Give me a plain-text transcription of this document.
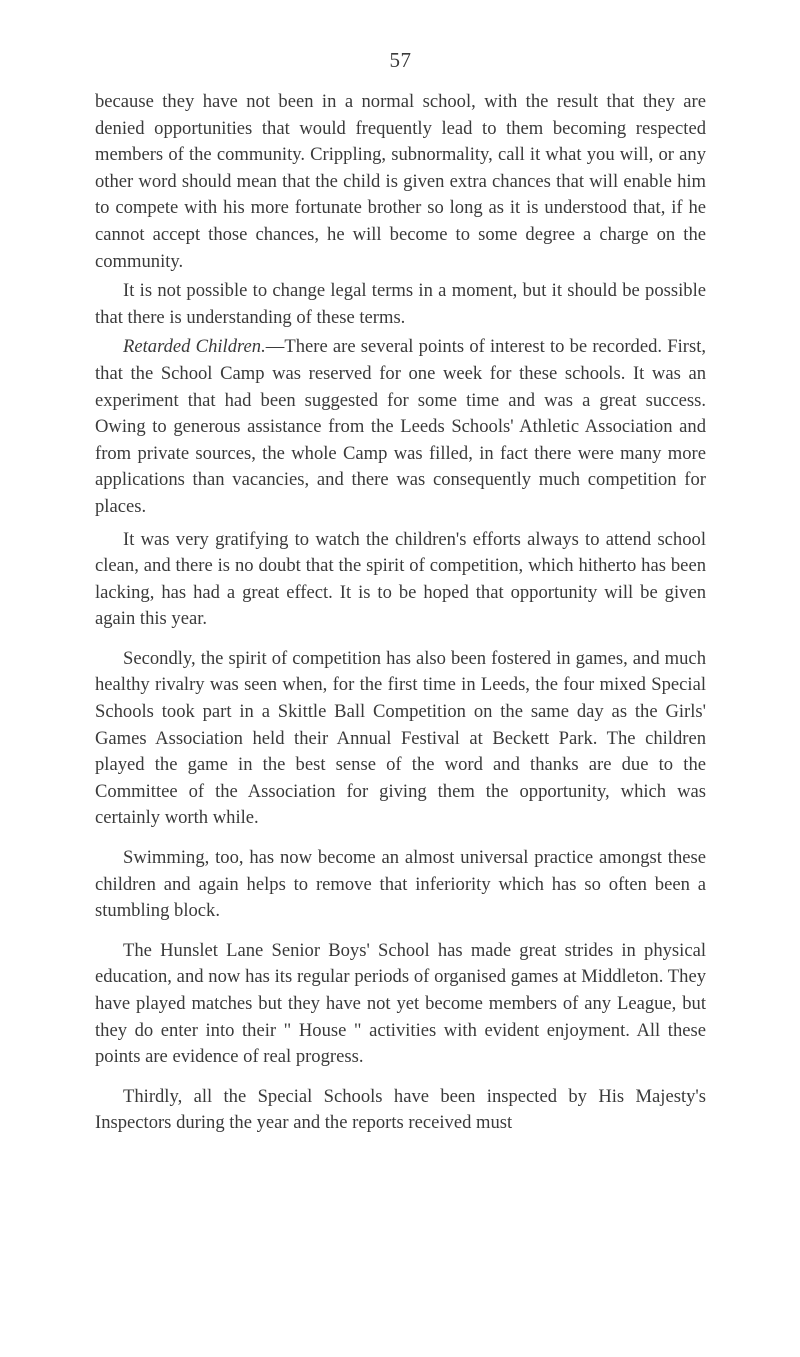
57

because they have not been in a normal school, with the result that they are denied opportunities that would frequently lead to them becoming respected members of the community. Crippling, subnormality, call it what you will, or any other word should mean that the child is given extra chances that will enable him to compete with his more fortunate brother so long as it is understood that, if he cannot accept those chances, he will become to some degree a charge on the community.

It is not possible to change legal terms in a moment, but it should be possible that there is understanding of these terms.

Retarded Children.—There are several points of interest to be recorded. First, that the School Camp was reserved for one week for these schools. It was an experiment that had been suggested for some time and was a great success. Owing to generous assistance from the Leeds Schools' Athletic Association and from private sources, the whole Camp was filled, in fact there were many more applications than vacancies, and there was consequently much competition for places.

It was very gratifying to watch the children's efforts always to attend school clean, and there is no doubt that the spirit of competition, which hitherto has been lacking, has had a great effect. It is to be hoped that opportunity will be given again this year.

Secondly, the spirit of competition has also been fostered in games, and much healthy rivalry was seen when, for the first time in Leeds, the four mixed Special Schools took part in a Skittle Ball Competition on the same day as the Girls' Games Association held their Annual Festival at Beckett Park. The children played the game in the best sense of the word and thanks are due to the Committee of the Association for giving them the opportunity, which was certainly worth while.

Swimming, too, has now become an almost universal practice amongst these children and again helps to remove that inferiority which has so often been a stumbling block.

The Hunslet Lane Senior Boys' School has made great strides in physical education, and now has its regular periods of organised games at Middleton. They have played matches but they have not yet become members of any League, but they do enter into their " House " activities with evident enjoyment. All these points are evidence of real progress.

Thirdly, all the Special Schools have been inspected by His Majesty's Inspectors during the year and the reports received must
